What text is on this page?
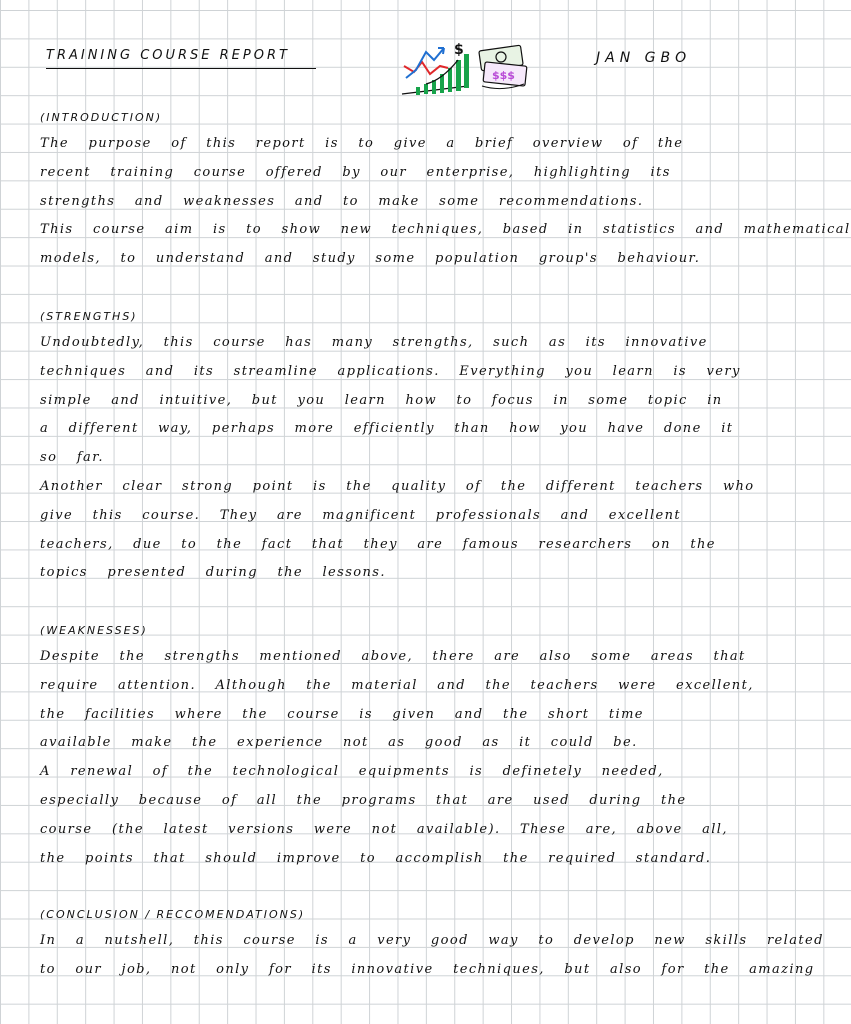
TRAINING COURSE REPORT	$
$$$
JAN GBO
(INTRODUCTION)
The purpose of this report is to give a brief overview of the
recent training course offered by our enterprise, highlighting its
strengths and weaknesses and to make some recommendations.
This course aim is to show new techniques, based in statistics and mathematical
models, to understand and study some population group's behaviour.
(STRENGTHS)
Undoubtedly, this course has many strengths, such as its innovative
techniques and its streamline applications. Everything you learn is very
simple and intuitive, but you learn how to focus in some topic in
a different way, perhaps more efficiently than how you have done it
so far.
Another clear strong point is the quality of the different teachers who
give this course. They are magnificent professionals and excellent
teachers, due to the fact that they are famous researchers on the
topics presented during the lessons.
(WEAKNESSES)
Despite the strengths mentioned above, there are also some areas that
require attention. Although the material and the teachers were excellent,
the facilities where the course is given and the short time
available make the experience not as good as it could be.
A renewal of the technological equipments is definetely needed,
especially because of all the programs that are used during the
course (the latest versions were not available). These are, above all,
the points that should improve to accomplish the required standard.
(CONCLUSION / RECCOMENDATIONS)
In a nutshell, this course is a very good way to develop new skills related
to our job, not only for its innovative techniques, but also for the amazing
